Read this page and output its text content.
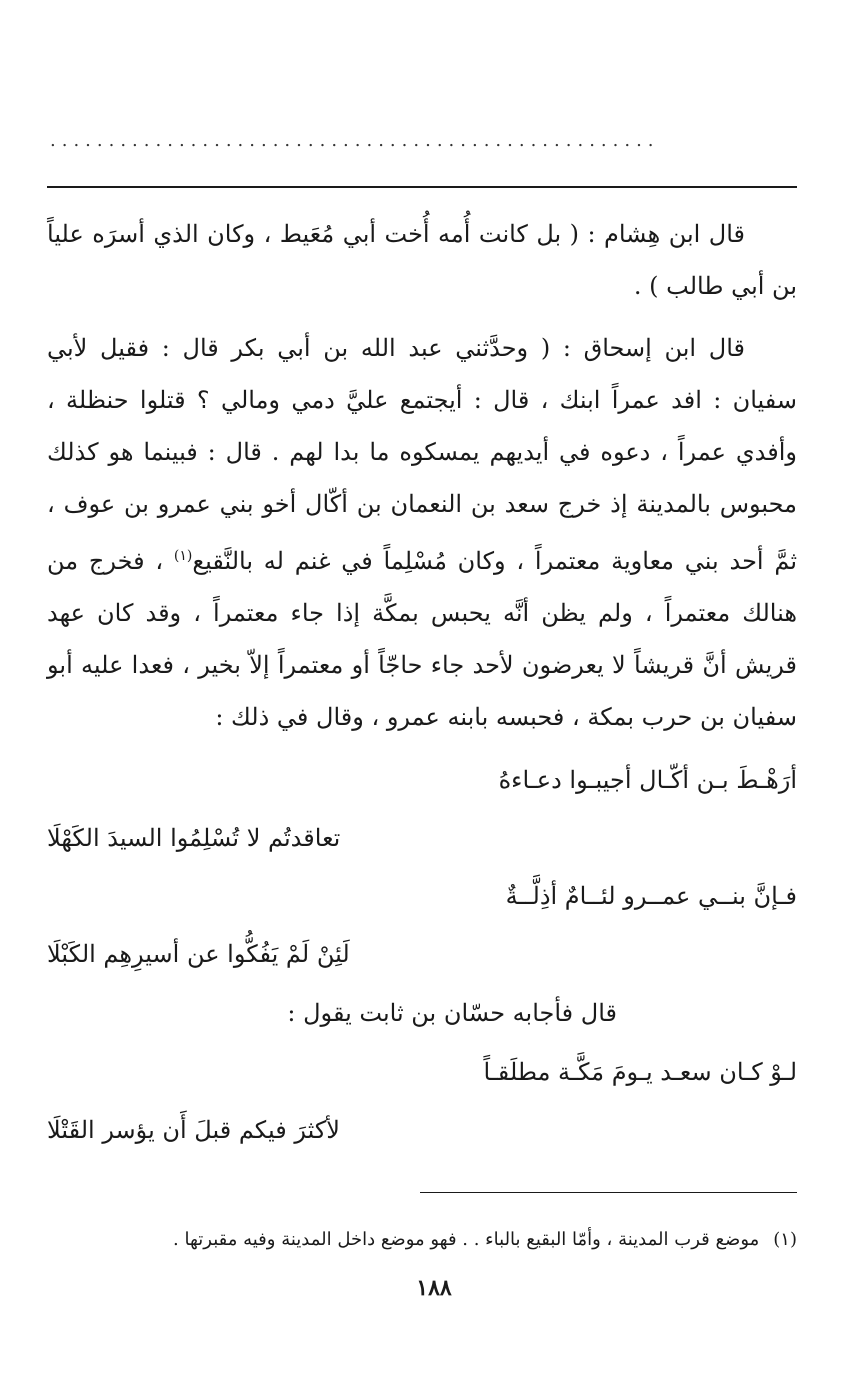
....................................................

قال ابن هِشام : ( بل كانت أُمه أُخت أبي مُعَيط ، وكان الذي أسرَه علياً بن أبي طالب ) .

قال ابن إسحاق : ( وحدَّثني عبد الله بن أبي بكر قال : فقيل لأبي سفيان : افد عمراً ابنك ، قال : أيجتمع عليَّ دمي ومالي ؟ قتلوا حنظلة ، وأفدي عمراً ، دعوه في أيديهم يمسكوه ما بدا لهم . قال : فبينما هو كذلك محبوس بالمدينة إذ خرج سعد بن النعمان بن أكّال أخو بني عمرو بن عوف ، ثمَّ أحد بني معاوية معتمراً ، وكان مُسْلِماً في غنم له بالنَّقيع$^{(١)}$ ، فخرج من هنالك معتمراً ، ولم يظن أنَّه يحبس بمكَّة إذا جاء معتمراً ، وقد كان عهد قريش أنَّ قريشاً لا يعرضون لأحد جاء حاجّاً أو معتمراً إلاّ بخير ، فعدا عليه أبو سفيان بن حرب بمكة ، فحبسه بابنه عمرو ، وقال في ذلك :

أرَهْـطَ بـن أكّـال أجيبـوا دعـاءهُ

تعاقدتُم لا تُسْلِمُوا السيدَ الكَهْلَا

فـإنَّ بنــي عمــرو لئــامٌ أذِلَّــةٌ

لَئِنْ لَمْ يَفُكُّوا عن أسيرِهِم الكَبْلَا

قال فأجابه حسّان بن ثابت يقول :

لـوْ كـان سعـد يـومَ مَكَّـة مطلَقـاً

لأكثرَ فيكم قبلَ أَن يؤسر القَتْلَا

(١)موضع قرب المدينة ، وأمّا البقيع بالباء . . فهو موضع داخل المدينة وفيه مقبرتها .
١٨٨
